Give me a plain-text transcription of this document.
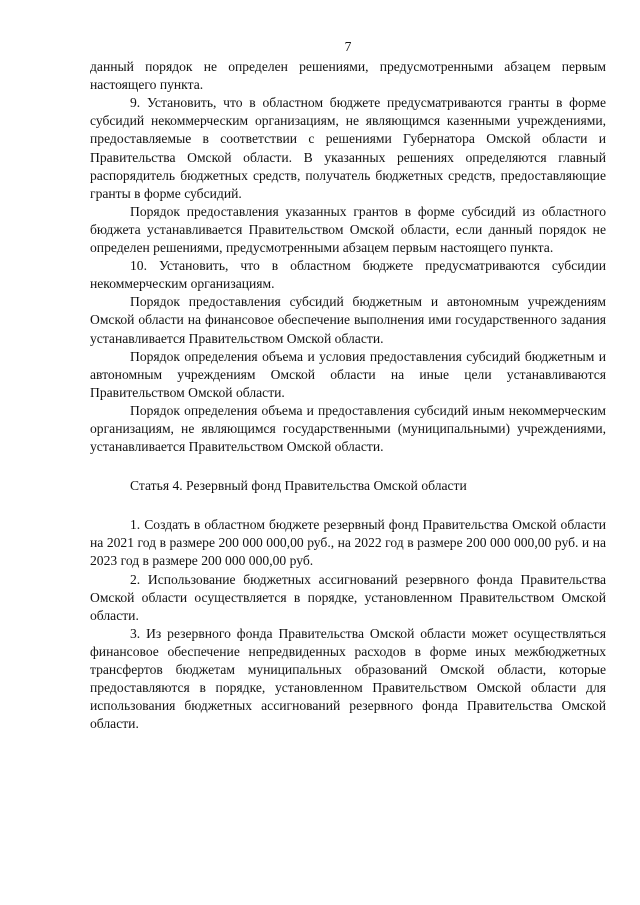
7

данный порядок не определен решениями, предусмотренными абзацем первым настоящего пункта.

9. Установить, что в областном бюджете предусматриваются гранты в форме субсидий некоммерческим организациям, не являющимся казенными учреждениями, предоставляемые в соответствии с решениями Губернатора Омской области и Правительства Омской области. В указанных решениях определяются главный распорядитель бюджетных средств, получатель бюджетных средств, предоставляющие гранты в форме субсидий.

Порядок предоставления указанных грантов в форме субсидий из областного бюджета устанавливается Правительством Омской области, если данный порядок не определен решениями, предусмотренными абзацем первым настоящего пункта.

10. Установить, что в областном бюджете предусматриваются субсидии некоммерческим организациям.

Порядок предоставления субсидий бюджетным и автономным учреждениям Омской области на финансовое обеспечение выполнения ими государственного задания устанавливается Правительством Омской области.

Порядок определения объема и условия предоставления субсидий бюджетным и автономным учреждениям Омской области на иные цели устанавливаются Правительством Омской области.

Порядок определения объема и предоставления субсидий иным некоммерческим организациям, не являющимся государственными (муниципальными) учреждениями, устанавливается Правительством Омской области.

Статья 4. Резервный фонд Правительства Омской области

1. Создать в областном бюджете резервный фонд Правительства Омской области на 2021 год в размере 200 000 000,00 руб., на 2022 год в размере 200 000 000,00 руб. и на 2023 год в размере 200 000 000,00 руб.

2. Использование бюджетных ассигнований резервного фонда Правительства Омской области осуществляется в порядке, установленном Правительством Омской области.

3. Из резервного фонда Правительства Омской области может осуществляться финансовое обеспечение непредвиденных расходов в форме иных межбюджетных трансфертов бюджетам муниципальных образований Омской области, которые предоставляются в порядке, установленном Правительством Омской области для использования бюджетных ассигнований резервного фонда Правительства Омской области.
